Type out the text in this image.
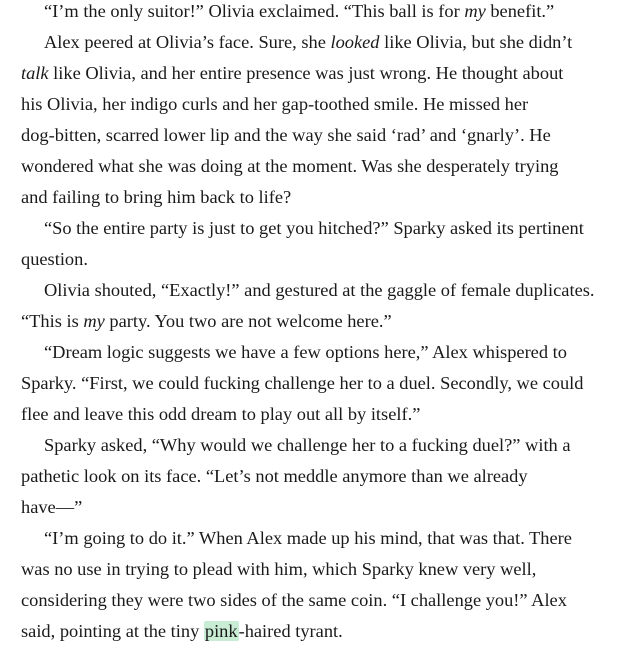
“I’m the only suitor!” Olivia exclaimed. “This ball is for my benefit.”
Alex peered at Olivia’s face. Sure, she looked like Olivia, but she didn’t
talk like Olivia, and her entire presence was just wrong. He thought about
his Olivia, her indigo curls and her gap-toothed smile. He missed her
dog-bitten, scarred lower lip and the way she said ‘rad’ and ‘gnarly’. He
wondered what she was doing at the moment. Was she desperately trying
and failing to bring him back to life?
“So the entire party is just to get you hitched?” Sparky asked its pertinent
question.
Olivia shouted, “Exactly!” and gestured at the gaggle of female duplicates.
“This is my party. You two are not welcome here.”
“Dream logic suggests we have a few options here,” Alex whispered to
Sparky. “First, we could fucking challenge her to a duel. Secondly, we could
flee and leave this odd dream to play out all by itself.”
Sparky asked, “Why would we challenge her to a fucking duel?” with a
pathetic look on its face. “Let’s not meddle anymore than we already
have—”
“I’m going to do it.” When Alex made up his mind, that was that. There
was no use in trying to plead with him, which Sparky knew very well,
considering they were two sides of the same coin. “I challenge you!” Alex
said, pointing at the tiny pink-haired tyrant.
